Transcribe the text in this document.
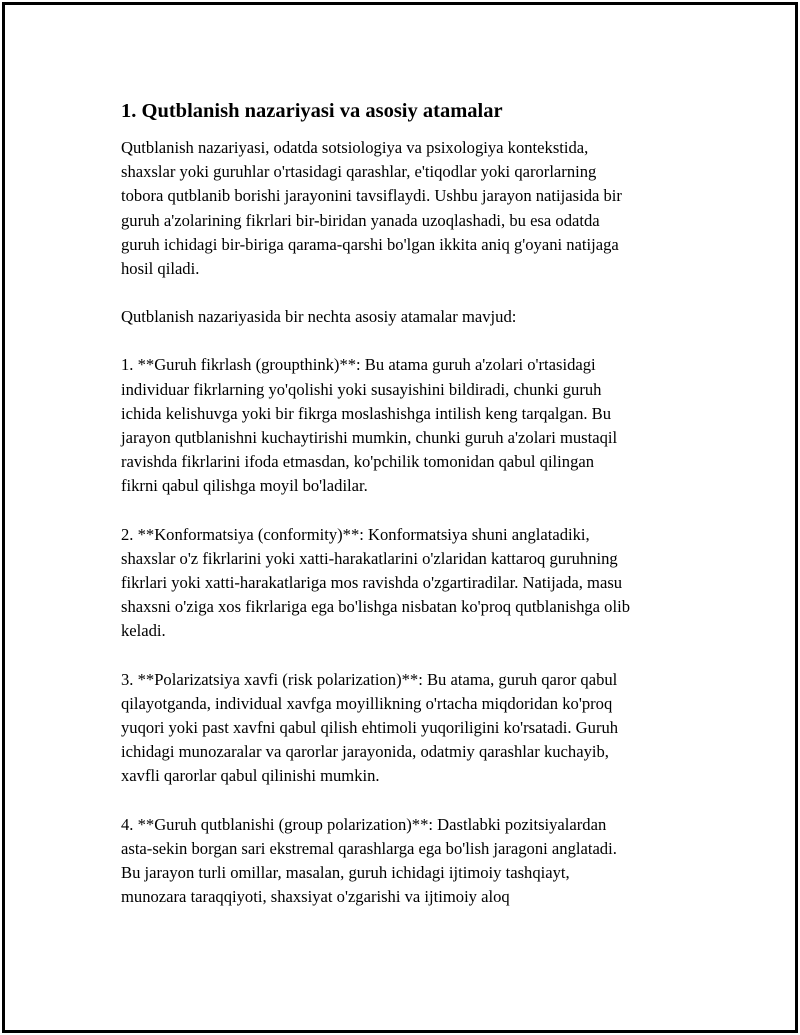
1. Qutblanish nazariyasi va asosiy atamalar
Qutblanish nazariyasi, odatda sotsiologiya va psixologiya kontekstida,
shaxslar yoki guruhlar o'rtasidagi qarashlar, e'tiqodlar yoki qarorlarning
tobora qutblanib borishi jarayonini tavsiflaydi. Ushbu jarayon natijasida bir
guruh a'zolarining fikrlari bir-biridan yanada uzoqlashadi, bu esa odatda
guruh ichidagi bir-biriga qarama-qarshi bo'lgan ikkita aniq g'oyani natijaga
hosil qiladi.
Qutblanish nazariyasida bir nechta asosiy atamalar mavjud:
1. **Guruh fikrlash (groupthink)**: Bu atama guruh a'zolari o'rtasidagi
individuar fikrlarning yo'qolishi yoki susayishini bildiradi, chunki guruh
ichida kelishuvga yoki bir fikrga moslashishga intilish keng tarqalgan. Bu
jarayon qutblanishni kuchaytirishi mumkin, chunki guruh a'zolari mustaqil
ravishda fikrlarini ifoda etmasdan, ko'pchilik tomonidan qabul qilingan
fikrni qabul qilishga moyil bo'ladilar.
2. **Konformatsiya (conformity)**: Konformatsiya shuni anglatadiki,
shaxslar o'z fikrlarini yoki xatti-harakatlarini o'zlaridan kattaroq guruhning
fikrlari yoki xatti-harakatlariga mos ravishda o'zgartiradilar. Natijada, masu
shaxsni o'ziga xos fikrlariga ega bo'lishga nisbatan ko'proq qutblanishga olib
keladi.
3. **Polarizatsiya xavfi (risk polarization)**: Bu atama, guruh qaror qabul
qilayotganda, individual xavfga moyillikning o'rtacha miqdoridan ko'proq
yuqori yoki past xavfni qabul qilish ehtimoli yuqoriligini ko'rsatadi. Guruh
ichidagi munozaralar va qarorlar jarayonida, odatmiy qarashlar kuchayib,
xavfli qarorlar qabul qilinishi mumkin.
4. **Guruh qutblanishi (group polarization)**: Dastlabki pozitsiyalardan
asta-sekin borgan sari ekstremal qarashlarga ega bo'lish jaragoni anglatadi.
Bu jarayon turli omillar, masalan, guruh ichidagi ijtimoiy tashqiayt,
munozara taraqqiyoti, shaxsiyat o'zgarishi va ijtimoiy aloq
